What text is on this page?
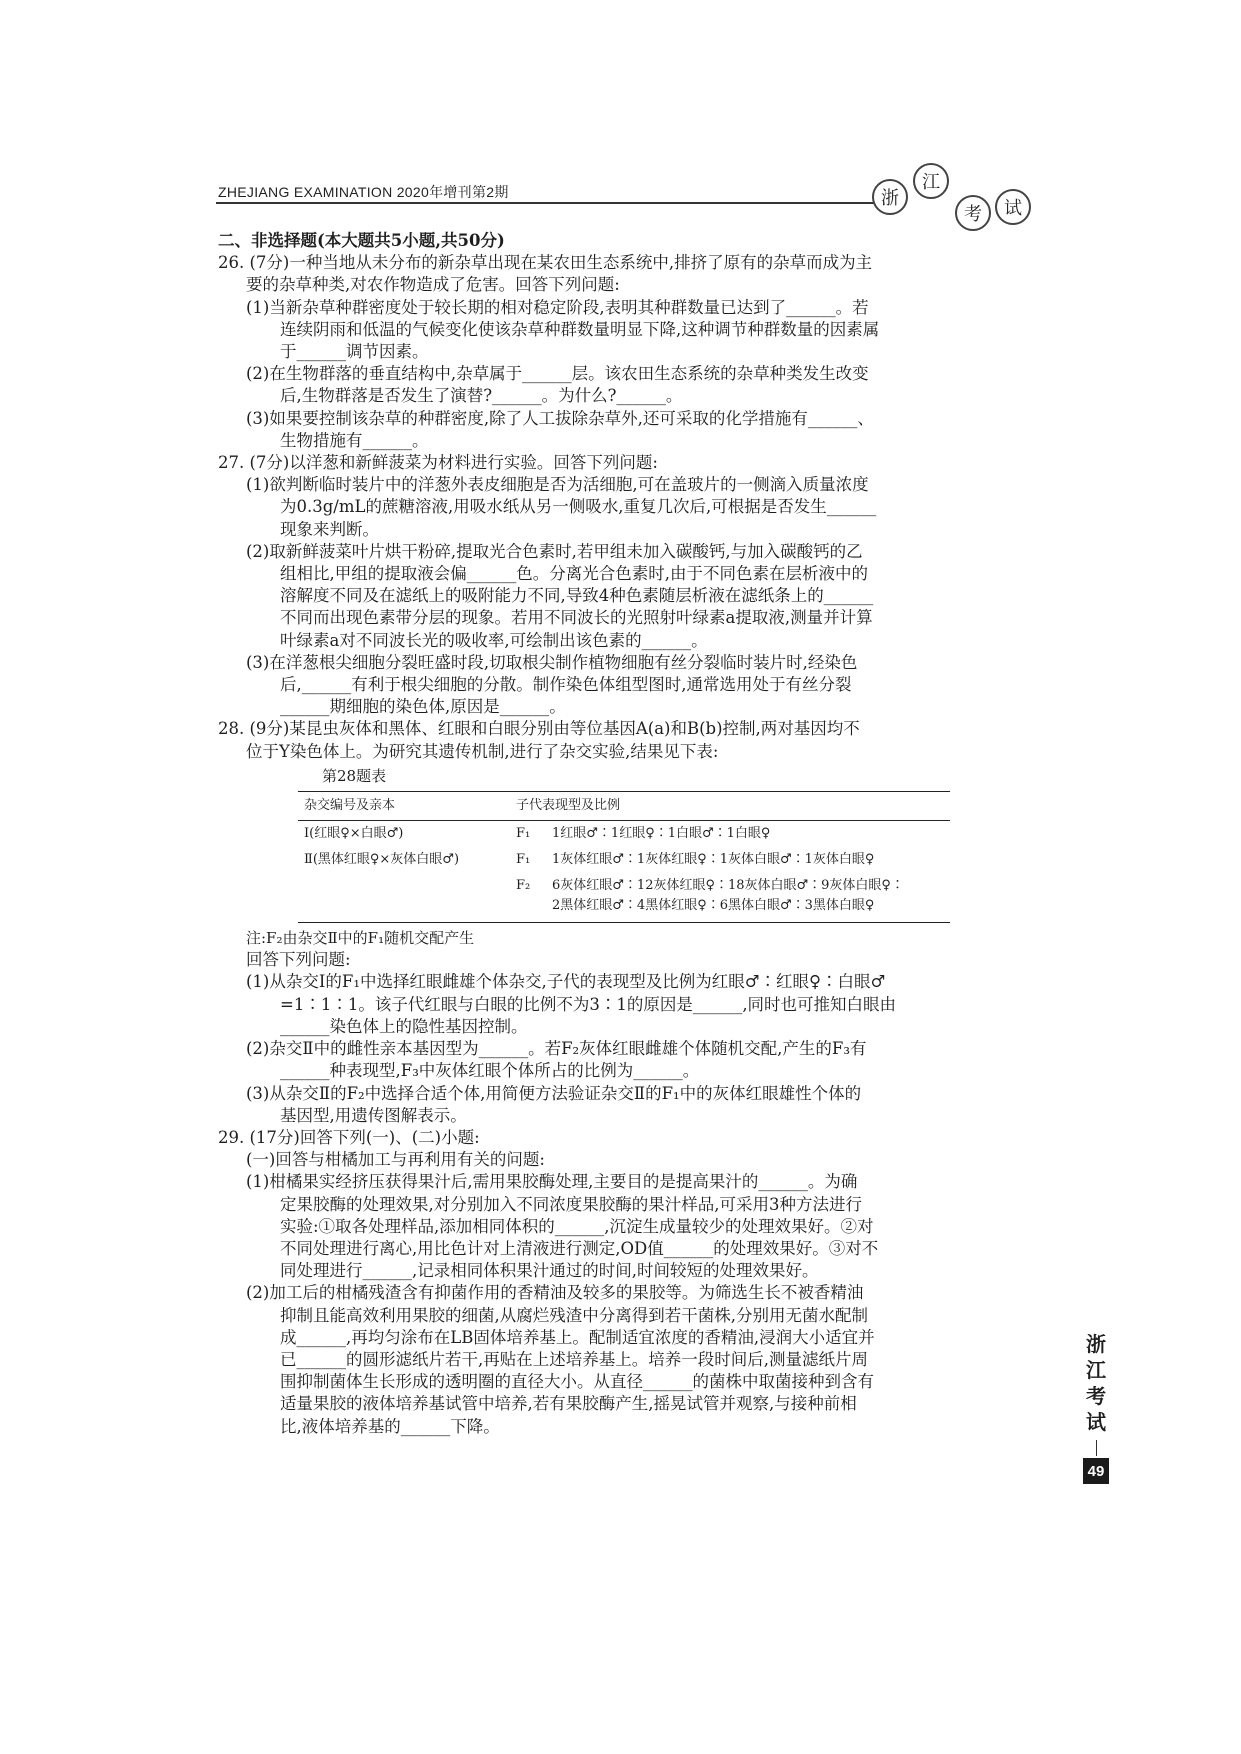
ZHEJIANG EXAMINATION 2020年增刊第2期	浙
江
考	试

二、非选择题(本大题共5小题,共50分)

26. (7分)一种当地从未分布的新杂草出现在某农田生态系统中,排挤了原有的杂草而成为主

要的杂草种类,对农作物造成了危害。回答下列问题:

(1)当新杂草种群密度处于较长期的相对稳定阶段,表明其种群数量已达到了______。若

连续阴雨和低温的气候变化使该杂草种群数量明显下降,这种调节种群数量的因素属

于______调节因素。

(2)在生物群落的垂直结构中,杂草属于______层。该农田生态系统的杂草种类发生改变

后,生物群落是否发生了演替?______。为什么?______。

(3)如果要控制该杂草的种群密度,除了人工拔除杂草外,还可采取的化学措施有______、

生物措施有______。

27. (7分)以洋葱和新鲜菠菜为材料进行实验。回答下列问题:

(1)欲判断临时装片中的洋葱外表皮细胞是否为活细胞,可在盖玻片的一侧滴入质量浓度

为0.3g/mL的蔗糖溶液,用吸水纸从另一侧吸水,重复几次后,可根据是否发生______

现象来判断。

(2)取新鲜菠菜叶片烘干粉碎,提取光合色素时,若甲组未加入碳酸钙,与加入碳酸钙的乙

组相比,甲组的提取液会偏______色。分离光合色素时,由于不同色素在层析液中的

溶解度不同及在滤纸上的吸附能力不同,导致4种色素随层析液在滤纸条上的______

不同而出现色素带分层的现象。若用不同波长的光照射叶绿素a提取液,测量并计算

叶绿素a对不同波长光的吸收率,可绘制出该色素的______。

(3)在洋葱根尖细胞分裂旺盛时段,切取根尖制作植物细胞有丝分裂临时装片时,经染色

后,______有利于根尖细胞的分散。制作染色体组型图时,通常选用处于有丝分裂

______期细胞的染色体,原因是______。

28. (9分)某昆虫灰体和黑体、红眼和白眼分别由等位基因A(a)和B(b)控制,两对基因均不

位于Y染色体上。为研究其遗传机制,进行了杂交实验,结果见下表:

第28题表

杂交编号及亲本	子代表现型及比例	
Ⅰ(红眼♀×白眼♂)	F₁	1红眼♂∶1红眼♀∶1白眼♂∶1白眼♀
Ⅱ(黑体红眼♀×灰体白眼♂)	F₁	1灰体红眼♂∶1灰体红眼♀∶1灰体白眼♂∶1灰体白眼♀
	F₂	6灰体红眼♂∶12灰体红眼♀∶18灰体白眼♂∶9灰体白眼♀∶
2黑体红眼♂∶4黑体红眼♀∶6黑体白眼♂∶3黑体白眼♀

注:F₂由杂交Ⅱ中的F₁随机交配产生

回答下列问题:

(1)从杂交Ⅰ的F₁中选择红眼雌雄个体杂交,子代的表现型及比例为红眼♂∶红眼♀∶白眼♂

=1∶1∶1。该子代红眼与白眼的比例不为3∶1的原因是______,同时也可推知白眼由

______染色体上的隐性基因控制。

(2)杂交Ⅱ中的雌性亲本基因型为______。若F₂灰体红眼雌雄个体随机交配,产生的F₃有

______种表现型,F₃中灰体红眼个体所占的比例为______。

(3)从杂交Ⅱ的F₂中选择合适个体,用简便方法验证杂交Ⅱ的F₁中的灰体红眼雄性个体的

基因型,用遗传图解表示。

29. (17分)回答下列(一)、(二)小题:

(一)回答与柑橘加工与再利用有关的问题:

(1)柑橘果实经挤压获得果汁后,需用果胶酶处理,主要目的是提高果汁的______。为确

定果胶酶的处理效果,对分别加入不同浓度果胶酶的果汁样品,可采用3种方法进行

实验:①取各处理样品,添加相同体积的______,沉淀生成量较少的处理效果好。②对

不同处理进行离心,用比色计对上清液进行测定,OD值______的处理效果好。③对不

同处理进行______,记录相同体积果汁通过的时间,时间较短的处理效果好。

(2)加工后的柑橘残渣含有抑菌作用的香精油及较多的果胶等。为筛选生长不被香精油

抑制且能高效利用果胶的细菌,从腐烂残渣中分离得到若干菌株,分别用无菌水配制

成______,再均匀涂布在LB固体培养基上。配制适宜浓度的香精油,浸润大小适宜并

已______的圆形滤纸片若干,再贴在上述培养基上。培养一段时间后,测量滤纸片周

围抑制菌体生长形成的透明圈的直径大小。从直径______的菌株中取菌接种到含有

适量果胶的液体培养基试管中培养,若有果胶酶产生,摇晃试管并观察,与接种前相

比,液体培养基的______下降。

浙江考试
49
